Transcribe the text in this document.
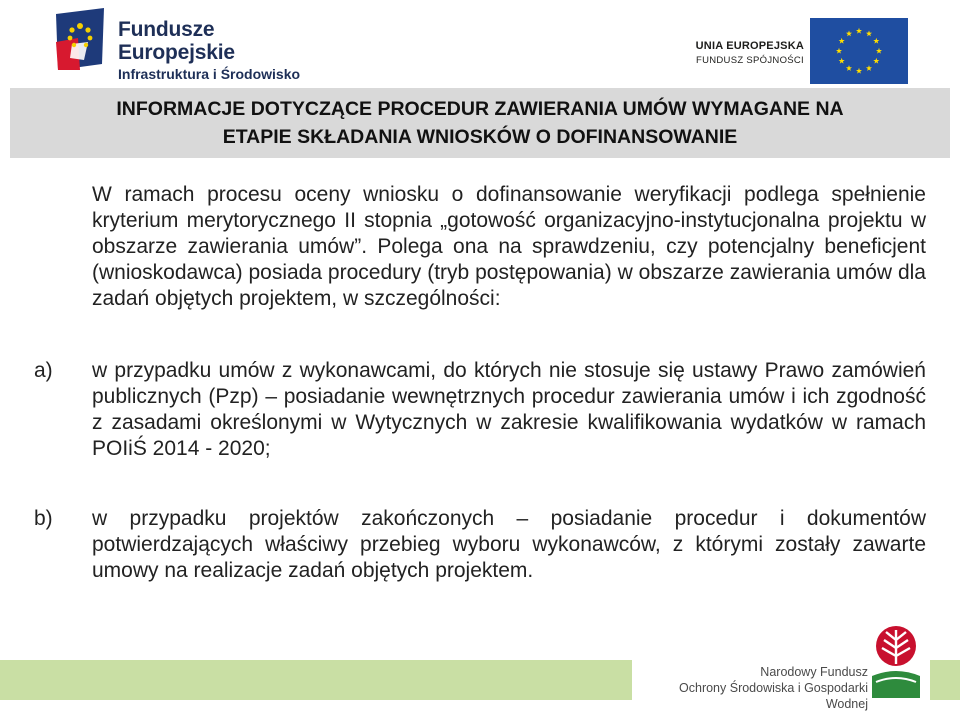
Fundusze
Europejskie
Infrastruktura i Środowisko
UNIA EUROPEJSKA
FUNDUSZ SPÓJNOŚCI
INFORMACJE DOTYCZĄCE PROCEDUR ZAWIERANIA UMÓW WYMAGANE NA
ETAPIE SKŁADANIA WNIOSKÓW O DOFINANSOWANIE
W ramach procesu oceny wniosku o dofinansowanie weryfikacji podlega spełnienie kryterium merytorycznego II stopnia „gotowość organizacyjno-instytucjonalna projektu w obszarze zawierania umów”. Polega ona na sprawdzeniu, czy potencjalny beneficjent (wnioskodawca) posiada procedury (tryb postępowania) w obszarze zawierania umów dla zadań objętych projektem, w szczególności:
a) w przypadku umów z wykonawcami, do których nie stosuje się ustawy Prawo zamówień publicznych (Pzp) – posiadanie wewnętrznych procedur zawierania umów i ich zgodność z zasadami określonymi w Wytycznych w zakresie kwalifikowania wydatków w ramach POIiŚ 2014 - 2020;
b) w przypadku projektów zakończonych – posiadanie procedur i dokumentów potwierdzających właściwy przebieg wyboru wykonawców, z którymi zostały zawarte umowy na realizacje zadań objętych projektem.
Narodowy Fundusz
Ochrony Środowiska i Gospodarki Wodnej
